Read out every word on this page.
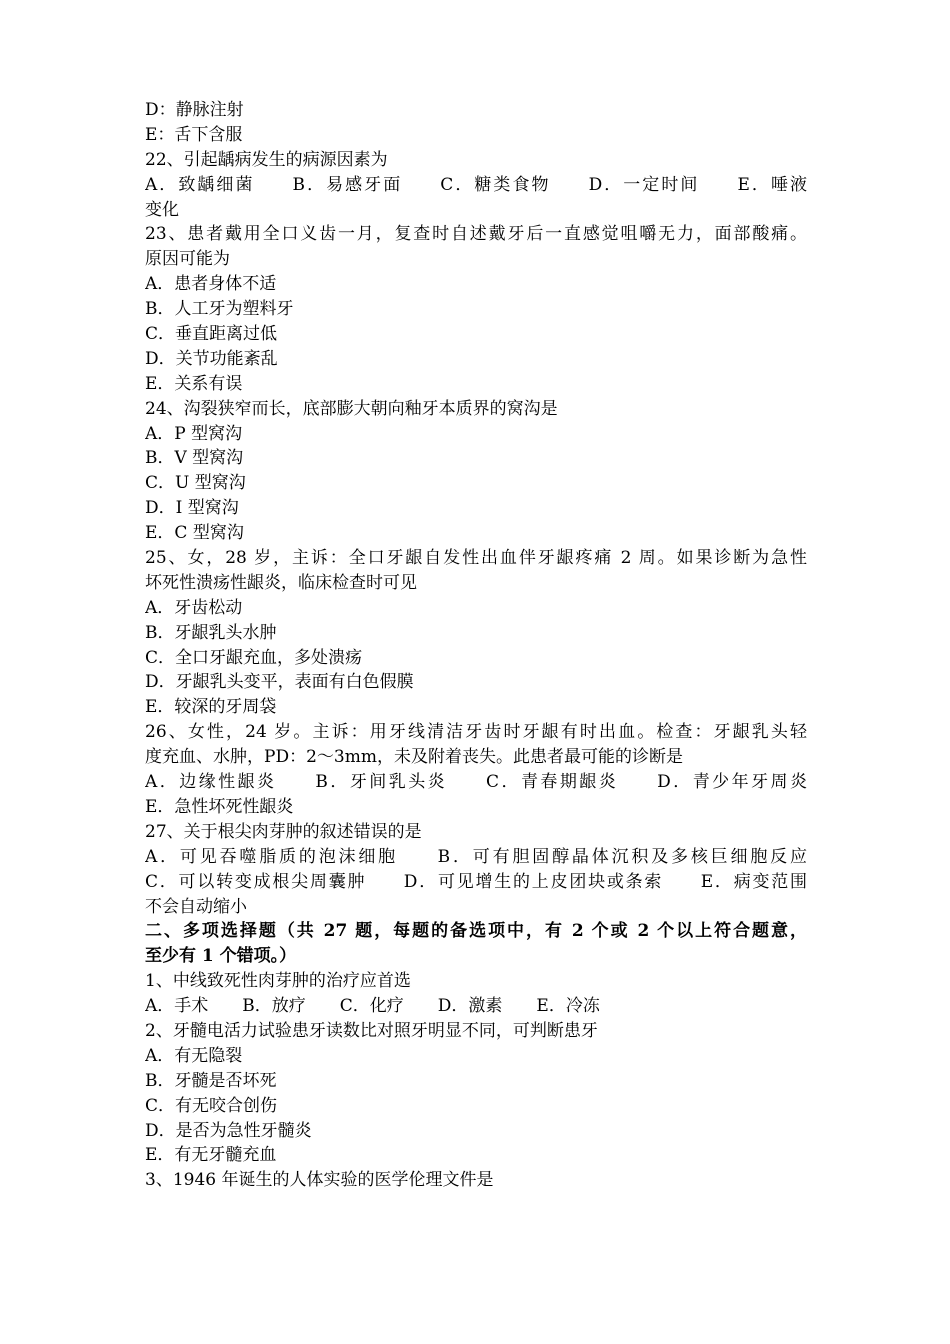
D：静脉注射
E：舌下含服
22、引起龋病发生的病源因素为
A．致龋细菌　　B．易感牙面　　C．糖类食物　　D．一定时间　　E．唾液
变化
23、患者戴用全口义齿一月，复查时自述戴牙后一直感觉咀嚼无力，面部酸痛。
原因可能为
A．患者身体不适
B．人工牙为塑料牙
C．垂直距离过低
D．关节功能紊乱
E．关系有误
24、沟裂狭窄而长，底部膨大朝向釉牙本质界的窝沟是
A．P 型窝沟
B．V 型窝沟
C．U 型窝沟
D．I 型窝沟
E．C 型窝沟
25、女，28 岁，主诉：全口牙龈自发性出血伴牙龈疼痛 2 周。如果诊断为急性
坏死性溃疡性龈炎，临床检查时可见
A．牙齿松动
B．牙龈乳头水肿
C．全口牙龈充血，多处溃疡
D．牙龈乳头变平，表面有白色假膜
E．较深的牙周袋
26、女性，24 岁。主诉：用牙线清洁牙齿时牙龈有时出血。检查：牙龈乳头轻
度充血、水肿，PD：2～3mm，未及附着丧失。此患者最可能的诊断是
A．边缘性龈炎　　B．牙间乳头炎　　C．青春期龈炎　　D．青少年牙周炎
E．急性坏死性龈炎
27、关于根尖肉芽肿的叙述错误的是
A．可见吞噬脂质的泡沫细胞　　B．可有胆固醇晶体沉积及多核巨细胞反应
C．可以转变成根尖周囊肿　　D．可见增生的上皮团块或条索　　E．病变范围
不会自动缩小
二、多项选择题（共 27 题，每题的备选项中，有 2 个或 2 个以上符合题意，
至少有 1 个错项。）
1、中线致死性肉芽肿的治疗应首选
A．手术　　B．放疗　　C．化疗　　D．激素　　E．冷冻
2、牙髓电活力试验患牙读数比对照牙明显不同，可判断患牙
A．有无隐裂
B．牙髓是否坏死
C．有无咬合创伤
D．是否为急性牙髓炎
E．有无牙髓充血
3、1946 年诞生的人体实验的医学伦理文件是
